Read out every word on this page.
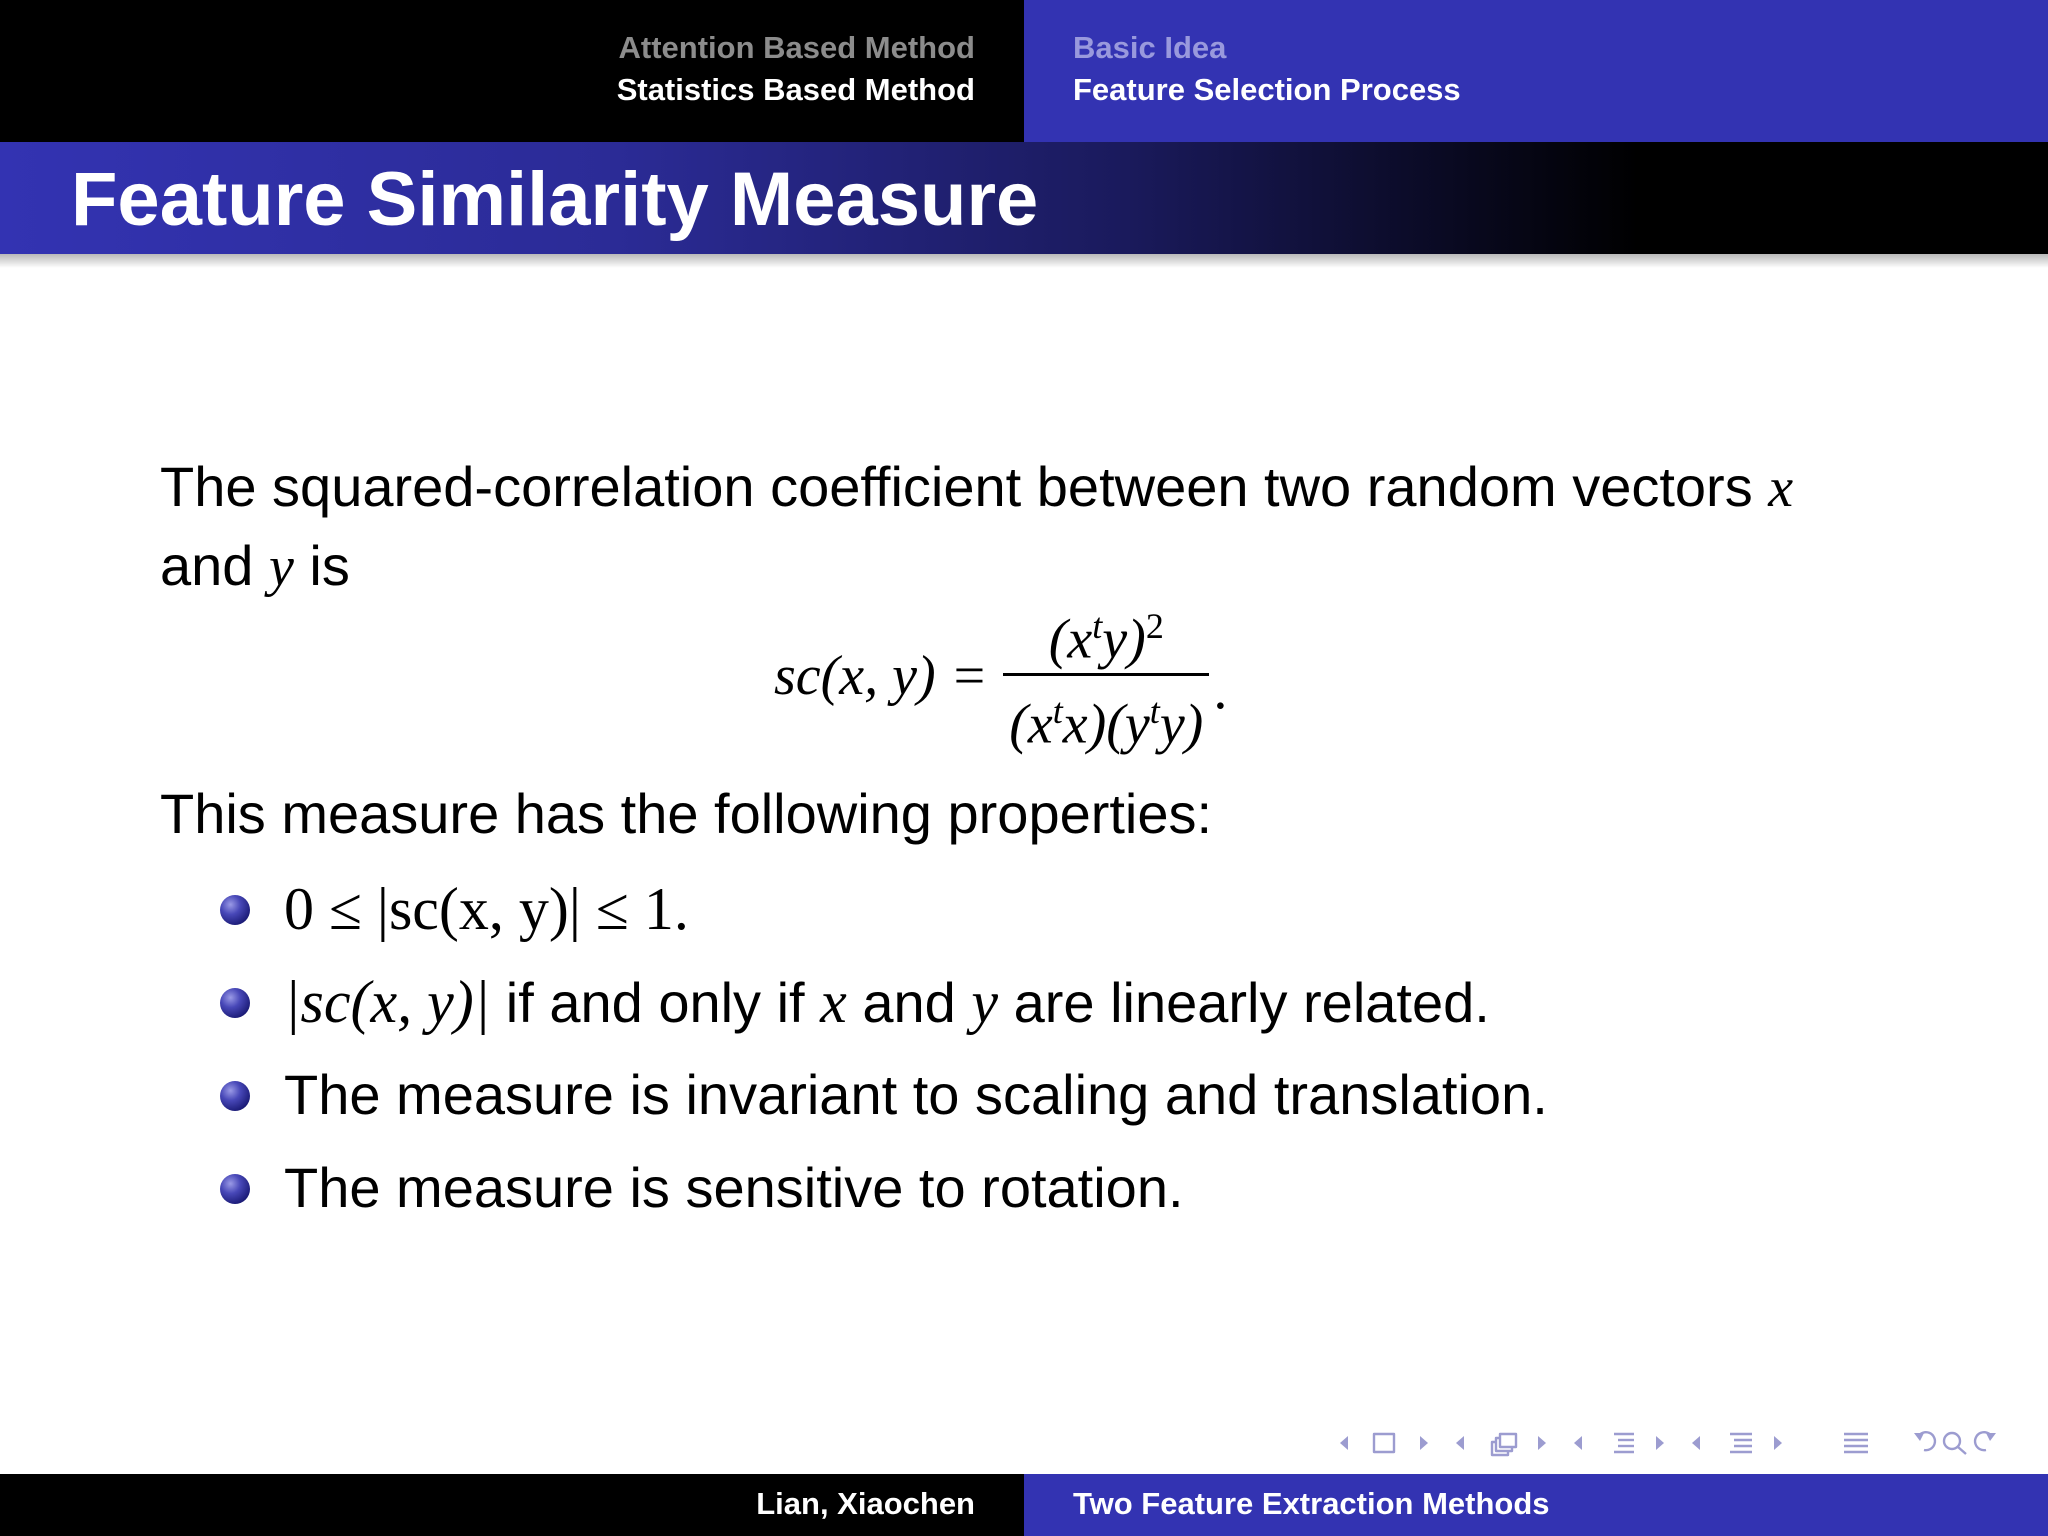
Attention Based Method
Statistics Based Method
Basic Idea
Feature Selection Process
Feature Similarity Measure
The squared-correlation coefficient between two random vectors x
and y is
sc(x, $y) = \frac{(x^ty)^2}{(x^tx)(y^ty)}$ .
This measure has the following properties:
0 ≤ |sc(x, y)| ≤ 1.
|sc(x, y)| if and only if x and y are linearly related.
The measure is invariant to scaling and translation.
The measure is sensitive to rotation.
Lian, Xiaochen	Two Feature Extraction Methods
